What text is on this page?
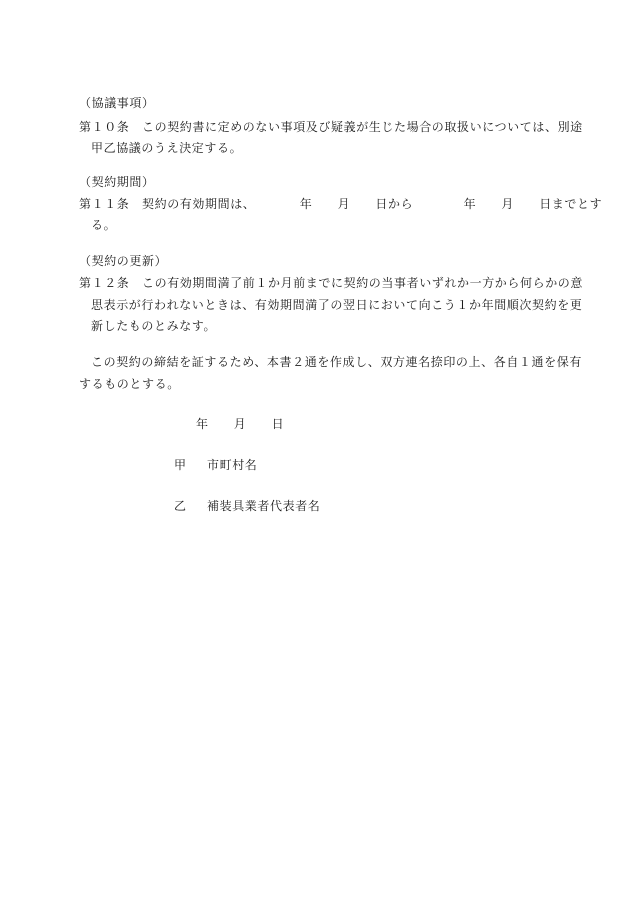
（協議事項）
第１０条　この契約書に定めのない事項及び疑義が生じた場合の取扱いについては、別途
甲乙協議のうえ決定する。
（契約期間）
第１１条　契約の有効期間は、　　　　年　　月　　日から　　　　年　　月　　日までとす
る。
（契約の更新）
第１２条　この有効期間満了前１か月前までに契約の当事者いずれか一方から何らかの意
思表示が行われないときは、有効期間満了の翌日において向こう１か年間順次契約を更
新したものとみなす。
この契約の締結を証するため、本書２通を作成し、双方連名捺印の上、各自１通を保有
するものとする。
年　　月　　日
甲 市町村名
乙 補装具業者代表者名
